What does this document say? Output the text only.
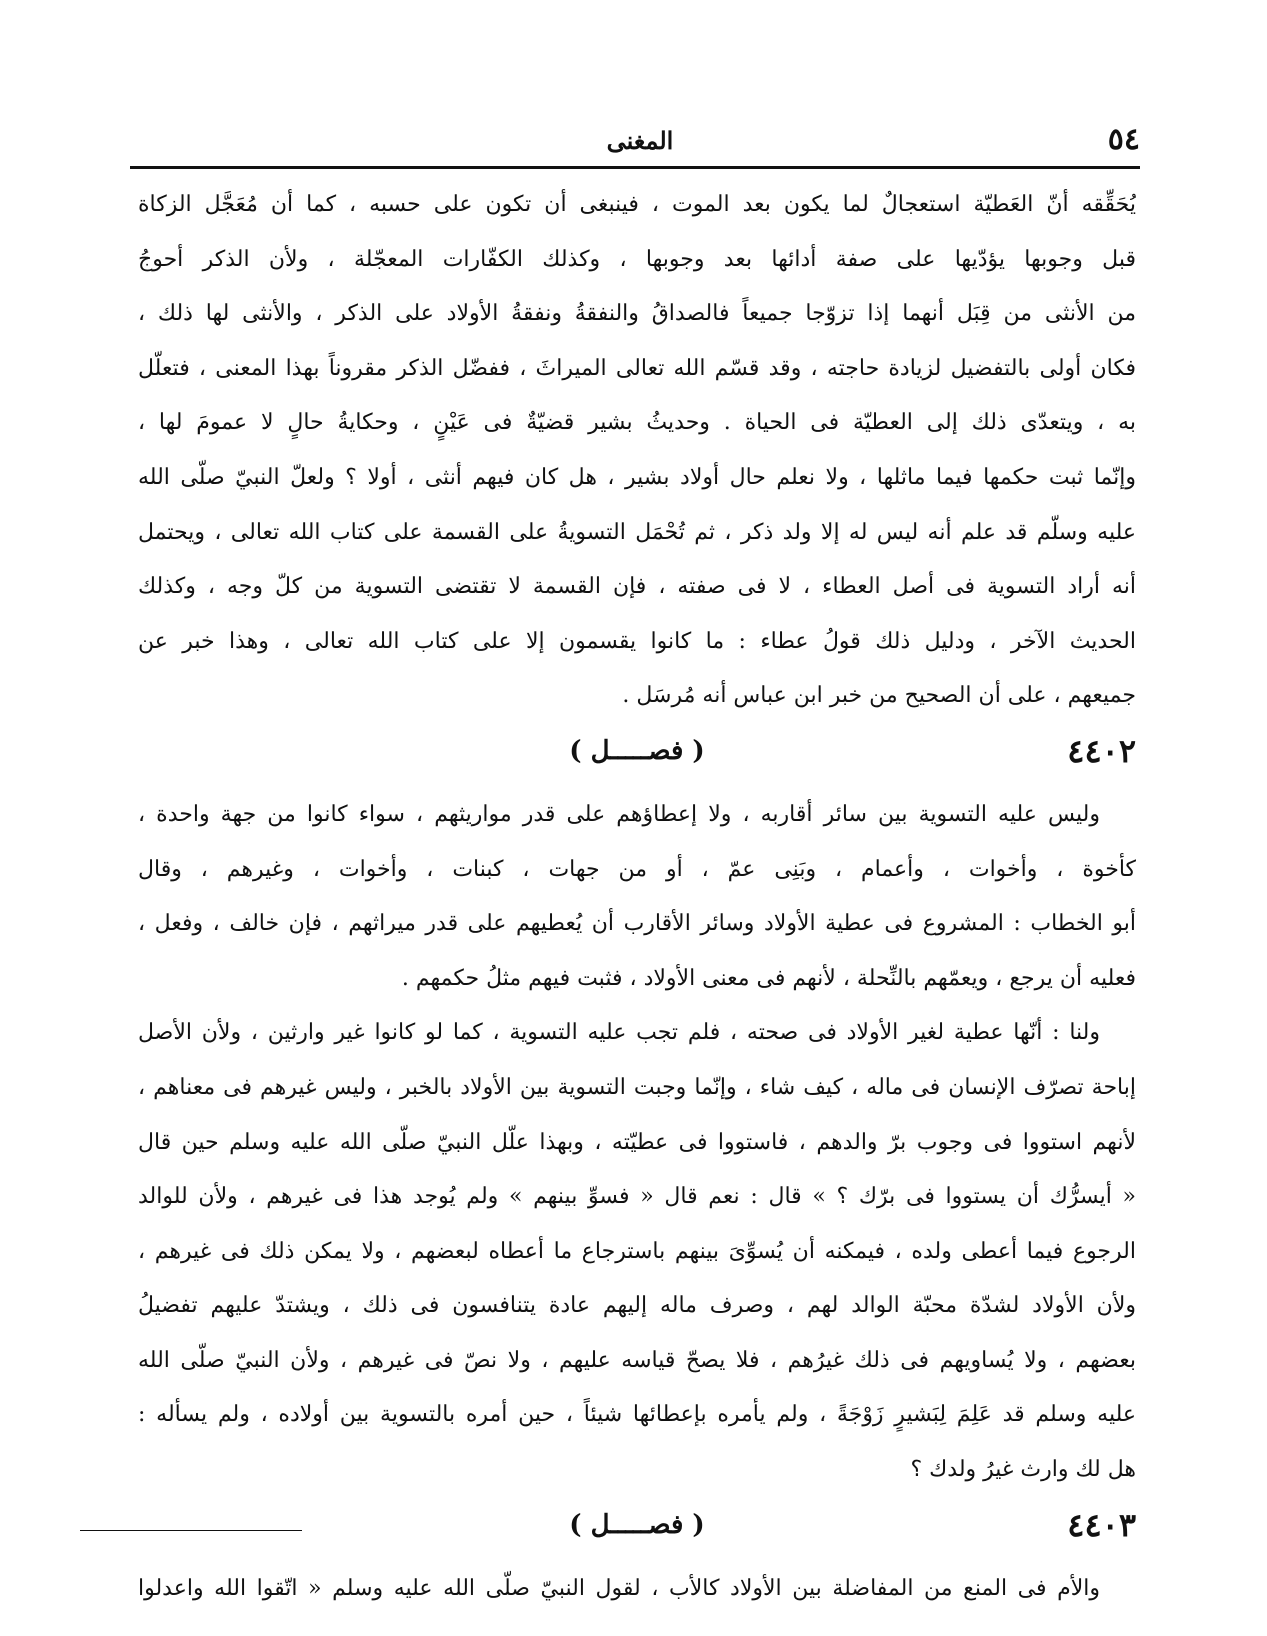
٥٤
المغنى
يُحَقِّقه أنّ العَطيّة استعجالٌ لما يكون بعد الموت ، فينبغى أن تكون على حسبه ، كما أن مُعَجَّل الزكاة
قبل وجوبها يؤدّيها على صفة أدائها بعد وجوبها ، وكذلك الكفّارات المعجّلة ، ولأن الذكر أحوجُ
من الأنثى من قِبَل أنهما إذا تزوّجا جميعاً فالصداقُ والنفقةُ ونفقةُ الأولاد على الذكر ، والأنثى لها ذلك ،
فكان أولى بالتفضيل لزيادة حاجته ، وقد قسّم الله تعالى الميراثَ ، ففضّل الذكر مقروناً بهذا المعنى ، فتعلّل
به ، ويتعدّى ذلك إلى العطيّة فى الحياة . وحديثُ بشير قضيّةٌ فى عَيْنٍ ، وحكايةُ حالٍ لا عمومَ لها ،
وإنّما ثبت حكمها فيما ماثلها ، ولا نعلم حال أولاد بشير ، هل كان فيهم أنثى ، أولا ؟ ولعلّ النبيّ صلّى الله
عليه وسلّم قد علم أنه ليس له إلا ولد ذكر ، ثم تُحْمَل التسويةُ على القسمة على كتاب الله تعالى ، ويحتمل
أنه أراد التسوية فى أصل العطاء ، لا فى صفته ، فإن القسمة لا تقتضى التسوية من كلّ وجه ، وكذلك
الحديث الآخر ، ودليل ذلك قولُ عطاء : ما كانوا يقسمون إلا على كتاب الله تعالى ، وهذا خبر عن
جميعهم ، على أن الصحيح من خبر ابن عباس أنه مُرسَل .
٤٤٠٢
( فصـــــل )
وليس عليه التسوية بين سائر أقاربه ، ولا إعطاؤهم على قدر مواريثهم ، سواء كانوا من جهة واحدة ،
كأخوة ، وأخوات ، وأعمام ، وبَنِى عمّ ، أو من جهات ، كبنات ، وأخوات ، وغيرهم ، وقال
أبو الخطاب : المشروع فى عطية الأولاد وسائر الأقارب أن يُعطيهم على قدر ميراثهم ، فإن خالف ، وفعل ،
فعليه أن يرجع ، ويعمّهم بالنِّحلة ، لأنهم فى معنى الأولاد ، فثبت فيهم مثلُ حكمهم .
ولنا : أنّها عطية لغير الأولاد فى صحته ، فلم تجب عليه التسوية ، كما لو كانوا غير وارثين ، ولأن الأصل
إباحة تصرّف الإنسان فى ماله ، كيف شاء ، وإنّما وجبت التسوية بين الأولاد بالخبر ، وليس غيرهم فى معناهم ،
لأنهم استووا فى وجوب برّ والدهم ، فاستووا فى عطيّته ، وبهذا علّل النبيّ صلّى الله عليه وسلم حين قال
« أيسرُّك أن يستووا فى برّك ؟ » قال : نعم قال « فسوِّ بينهم » ولم يُوجد هذا فى غيرهم ، ولأن للوالد
الرجوع فيما أعطى ولده ، فيمكنه أن يُسوِّىَ بينهم باسترجاع ما أعطاه لبعضهم ، ولا يمكن ذلك فى غيرهم ،
ولأن الأولاد لشدّة محبّة الوالد لهم ، وصرف ماله إليهم عادة يتنافسون فى ذلك ، ويشتدّ عليهم تفضيلُ
بعضهم ، ولا يُساويهم فى ذلك غيرُهم ، فلا يصحّ قياسه عليهم ، ولا نصّ فى غيرهم ، ولأن النبيّ صلّى الله
عليه وسلم قد عَلِمَ لِبَشيرٍ زَوْجَةً ، ولم يأمره بإعطائها شيئاً ، حين أمره بالتسوية بين أولاده ، ولم يسأله :
هل لك وارث غيرُ ولدك ؟
٤٤٠٣
( فصـــــل )
والأم فى المنع من المفاضلة بين الأولاد كالأب ، لقول النبيّ صلّى الله عليه وسلم « اتّقوا الله واعدلوا
